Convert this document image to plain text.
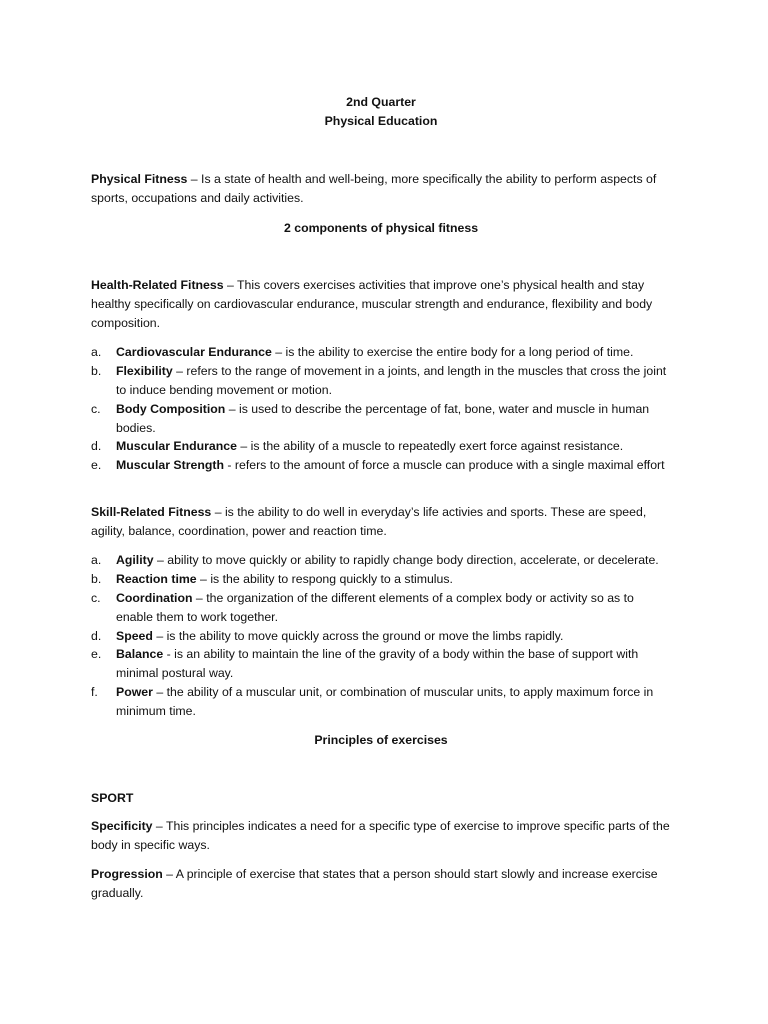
2nd Quarter

Physical Education

Physical Fitness – Is a state of health and well-being, more specifically the ability to perform aspects of sports, occupations and daily activities.

2 components of physical fitness

Health-Related Fitness – This covers exercises activities that improve one’s physical health and stay healthy specifically on cardiovascular endurance, muscular strength and endurance, flexibility and body composition.

a.	Cardiovascular Endurance – is the ability to exercise the entire body for a long period of time.
b.	Flexibility – refers to the range of movement in a joints, and length in the muscles that cross the joint to induce bending movement or motion.
c.	Body Composition – is used to describe the percentage of fat, bone, water and muscle in human bodies.
d.	Muscular Endurance – is the ability of a muscle to repeatedly exert force against resistance.
e.	Muscular Strength - refers to the amount of force a muscle can produce with a single maximal effort

Skill-Related Fitness – is the ability to do well in everyday’s life activies and sports. These are speed, agility, balance, coordination, power and reaction time.

a.	Agility – ability to move quickly or ability to rapidly change body direction, accelerate, or decelerate.
b.	Reaction time – is the ability to respong quickly to a stimulus.
c.	Coordination – the organization of the different elements of a complex body or activity so as to enable them to work together.
d.	Speed – is the ability to move quickly across the ground or move the limbs rapidly.
e.	Balance - is an ability to maintain the line of the gravity of a body within the base of support with minimal postural way.
f.	Power – the ability of a muscular unit, or combination of muscular units, to apply maximum force in minimum time.

Principles of exercises

SPORT

Specificity – This principles indicates a need for a specific type of exercise to improve specific parts of the body in specific ways.

Progression – A principle of exercise that states that a person should start slowly and increase exercise gradually.
